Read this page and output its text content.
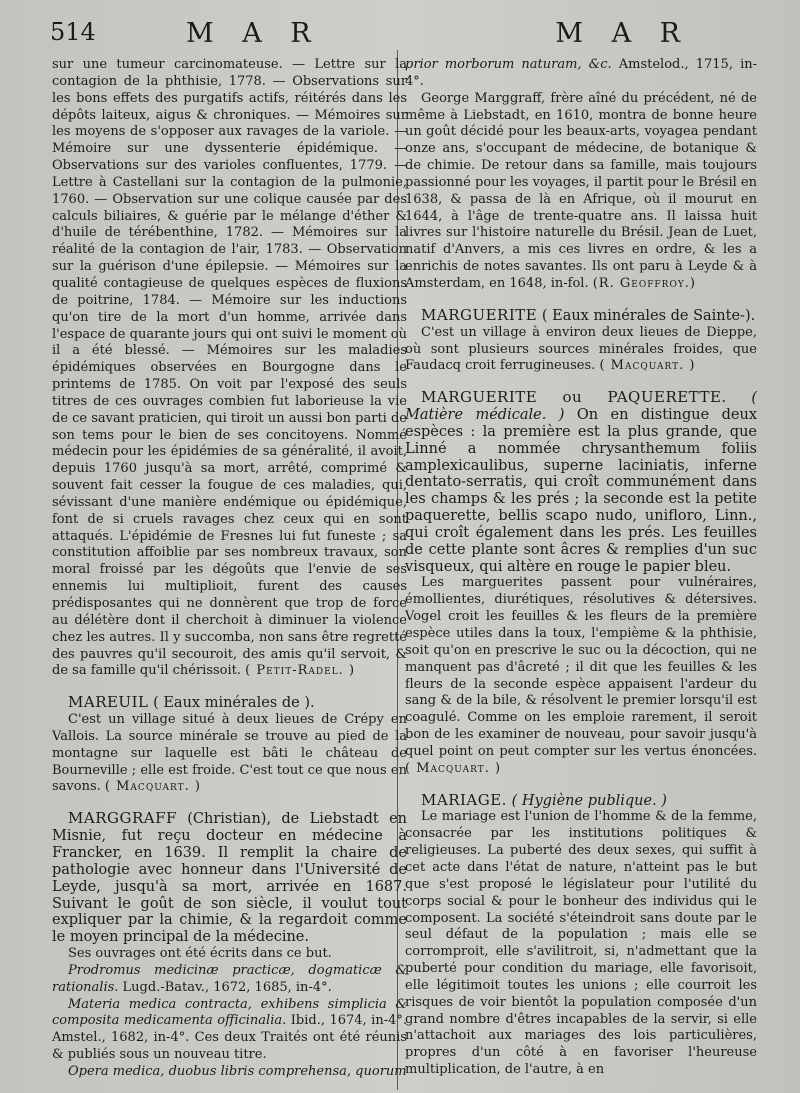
514	M A R	M A R

sur une tumeur carcinomateuse. — Lettre sur la contagion de la phthisie, 1778. — Observations sur les bons effets des purgatifs actifs, réitérés dans les dépôts laiteux, aigus & chroniques. — Mémoires sur les moyens de s'opposer aux ravages de la variole. — Mémoire sur une dyssenterie épidémique. — Observations sur des varioles confluentes, 1779. — Lettre à Castellani sur la contagion de la pulmonie, 1760. — Observation sur une colique causée par des calculs biliaires, & guérie par le mélange d'éther & d'huile de térébenthine, 1782. — Mémoires sur la réalité de la contagion de l'air, 1783. — Observation sur la guérison d'une épilepsie. — Mémoires sur la qualité contagieuse de quelques espèces de fluxions de poitrine, 1784. — Mémoire sur les inductions qu'on tire de la mort d'un homme, arrivée dans l'espace de quarante jours qui ont suivi le moment où il a été blessé. — Mémoires sur les maladies épidémiques observées en Bourgogne dans le printems de 1785. On voit par l'exposé des seuls titres de ces ouvrages combien fut laborieuse la vie de ce savant praticien, qui tiroit un aussi bon parti de son tems pour le bien de ses concitoyens. Nommé médecin pour les épidémies de sa généralité, il avoit, depuis 1760 jusqu'à sa mort, arrêté, comprimé & souvent fait cesser la fougue de ces maladies, qui, sévissant d'une manière endémique ou épidémique, font de si cruels ravages chez ceux qui en sont attaqués. L'épidémie de Fresnes lui fut funeste ; sa constitution affoiblie par ses nombreux travaux, son moral froissé par les dégoûts que l'envie de ses ennemis lui multiplioit, furent des causes prédisposantes qui ne donnèrent que trop de force au délétère dont il cherchoit à diminuer la violence chez les autres. Il y succomba, non sans être regretté des pauvres qu'il secouroit, des amis qu'il servoit, & de sa famille qu'il chérissoit. ( Petit-Radel. )

MAREUIL ( Eaux minérales de ).

C'est un village situé à deux lieues de Crépy en Vallois. La source minérale se trouve au pied de la montagne sur laquelle est bâti le château de Bourneville ; elle est froide. C'est tout ce que nous en savons. ( Macquart. )

MARGGRAFF (Christian), de Liebstadt en Misnie, fut reçu docteur en médecine à Francker, en 1639. Il remplit la chaire de pathologie avec honneur dans l'Université de Leyde, jusqu'à sa mort, arrivée en 1687. Suivant le goût de son siècle, il voulut tout expliquer par la chimie, & la regardoit comme le moyen principal de la médecine.

Ses ouvrages ont été écrits dans ce but.

Prodromus medicinæ practicæ, dogmaticæ & rationalis. Lugd.-Batav., 1672, 1685, in-4°.

Materia medica contracta, exhibens simplicia & composita medicamenta officinalia. Ibid., 1674, in-4°. Amstel., 1682, in-4°. Ces deux Traités ont été réunis & publiés sous un nouveau titre.

Opera medica, duobus libris comprehensa, quorum

prior morborum naturam, &c. Amstelod., 1715, in-4°.

George Marggraff, frère aîné du précédent, né de même à Liebstadt, en 1610, montra de bonne heure un goût décidé pour les beaux-arts, voyagea pendant onze ans, s'occupant de médecine, de botanique & de chimie. De retour dans sa famille, mais toujours passionné pour les voyages, il partit pour le Brésil en 1638, & passa de là en Afrique, où il mourut en 1644, à l'âge de trente-quatre ans. Il laissa huit livres sur l'histoire naturelle du Brésil. Jean de Luet, natif d'Anvers, a mis ces livres en ordre, & les a enrichis de notes savantes. Ils ont paru à Leyde & à Amsterdam, en 1648, in-fol. (R. Geoffroy.)

MARGUERITE ( Eaux minérales de Sainte-).

C'est un village à environ deux lieues de Dieppe, où sont plusieurs sources minérales froides, que Faudacq croit ferrugineuses. ( Macquart. )

MARGUERITE ou PAQUERETTE. ( Matière médicale. ) On en distingue deux espèces : la première est la plus grande, que Linné a nommée chrysanthemum foliis amplexicaulibus, superne laciniatis, inferne dentato-serratis, qui croît communément dans les champs & les prés ; la seconde est la petite paquerette, bellis scapo nudo, unifloro, Linn., qui croît également dans les prés. Les feuilles de cette plante sont âcres & remplies d'un suc visqueux, qui altère en rouge le papier bleu.

Les marguerites passent pour vulnéraires, émollientes, diurétiques, résolutives & détersives. Vogel croit les feuilles & les fleurs de la première espèce utiles dans la toux, l'empième & la phthisie, soit qu'on en prescrive le suc ou la décoction, qui ne manquent pas d'âcreté ; il dit que les feuilles & les fleurs de la seconde espèce appaisent l'ardeur du sang & de la bile, & résolvent le premier lorsqu'il est coagulé. Comme on les emploie rarement, il seroit bon de les examiner de nouveau, pour savoir jusqu'à quel point on peut compter sur les vertus énoncées. ( Macquart. )

MARIAGE. ( Hygiène publique. )

Le mariage est l'union de l'homme & de la femme, consacrée par les institutions politiques & religieuses. La puberté des deux sexes, qui suffit à cet acte dans l'état de nature, n'atteint pas le but que s'est proposé le législateur pour l'utilité du corps social & pour le bonheur des individus qui le composent. La société s'éteindroit sans doute par le seul défaut de la population ; mais elle se corromproit, elle s'avilitroit, si, n'admettant que la puberté pour condition du mariage, elle favorisoit, elle légitimoit toutes les unions ; elle courroit les risques de voir bientôt la population composée d'un grand nombre d'êtres incapables de la servir, si elle n'attachoit aux mariages des lois particulières, propres d'un côté à en favoriser l'heureuse multiplication, de l'autre, à en
